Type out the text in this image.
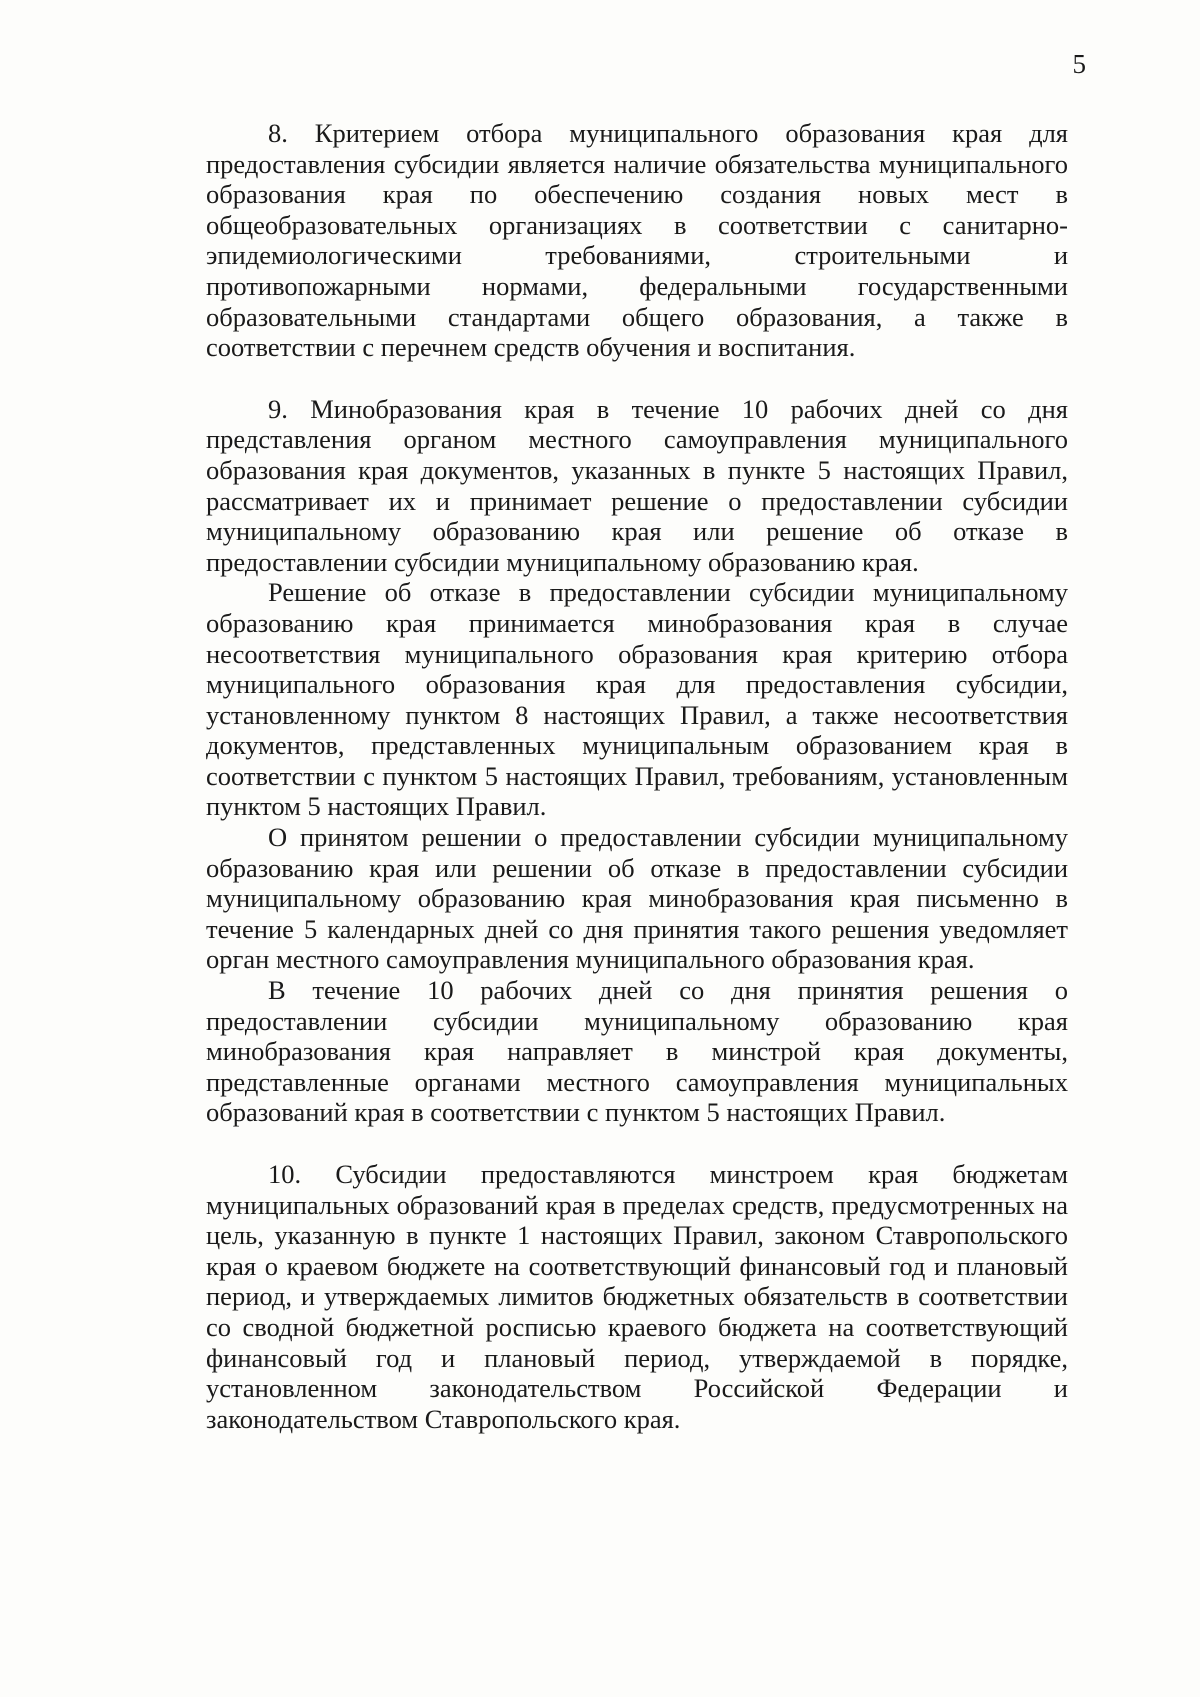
5

8. Критерием отбора муниципального образования края для предоставления субсидии является наличие обязательства муниципального образования края по обеспечению создания новых мест в общеобразовательных организациях в соответствии с санитарно-эпидемиологическими требованиями, строительными и противопожарными нормами, федеральными государственными образовательными стандартами общего образования, а также в соответствии с перечнем средств обучения и воспитания.

9. Минобразования края в течение 10 рабочих дней со дня представления органом местного самоуправления муниципального образования края документов, указанных в пункте 5 настоящих Правил, рассматривает их и принимает решение о предоставлении субсидии муниципальному образованию края или решение об отказе в предоставлении субсидии муниципальному образованию края.

Решение об отказе в предоставлении субсидии муниципальному образованию края принимается минобразования края в случае несоответствия муниципального образования края критерию отбора муниципального образования края для предоставления субсидии, установленному пунктом 8 настоящих Правил, а также несоответствия документов, представленных муниципальным образованием края в соответствии с пунктом 5 настоящих Правил, требованиям, установленным пунктом 5 настоящих Правил.

О принятом решении о предоставлении субсидии муниципальному образованию края или решении об отказе в предоставлении субсидии муниципальному образованию края минобразования края письменно в течение 5 календарных дней со дня принятия такого решения уведомляет орган местного самоуправления муниципального образования края.

В течение 10 рабочих дней со дня принятия решения о предоставлении субсидии муниципальному образованию края минобразования края направляет в минстрой края документы, представленные органами местного самоуправления муниципальных образований края в соответствии с пунктом 5 настоящих Правил.

10. Субсидии предоставляются минстроем края бюджетам муниципальных образований края в пределах средств, предусмотренных на цель, указанную в пункте 1 настоящих Правил, законом Ставропольского края о краевом бюджете на соответствующий финансовый год и плановый период, и утверждаемых лимитов бюджетных обязательств в соответствии со сводной бюджетной росписью краевого бюджета на соответствующий финансовый год и плановый период, утверждаемой в порядке, установленном законодательством Российской Федерации и законодательством Ставропольского края.
